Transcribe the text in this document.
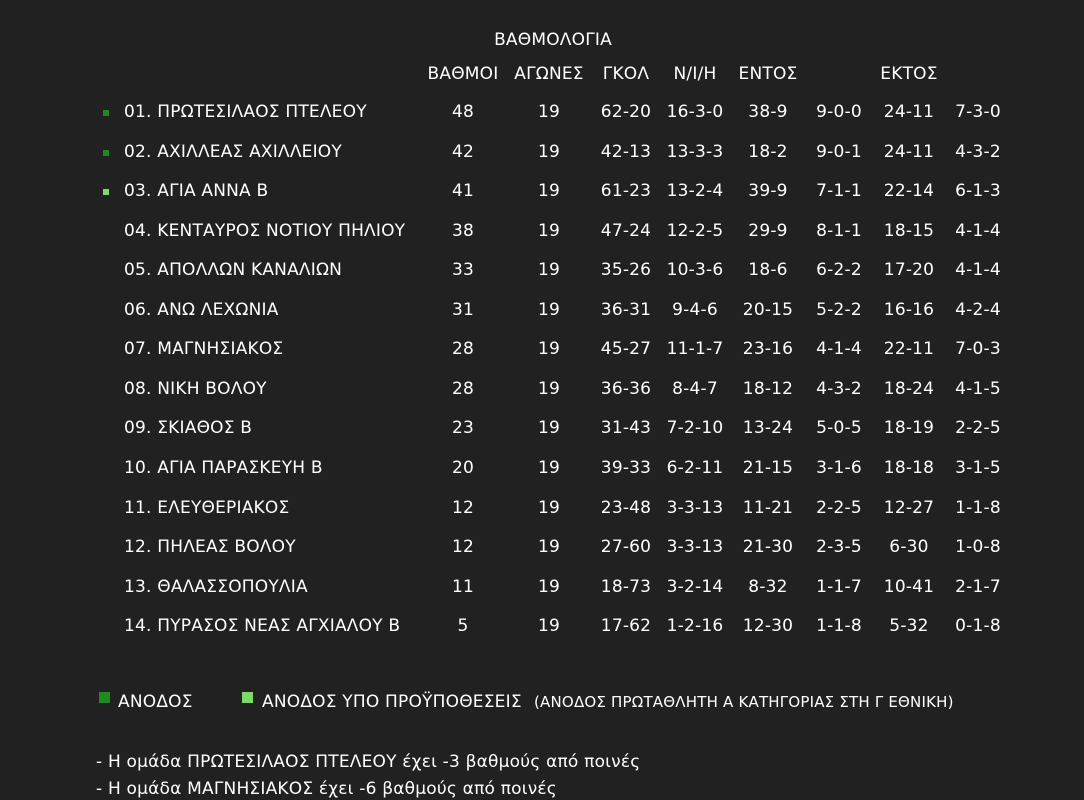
ΒΑΘΜΟΛΟΓΙΑ
ΒΑΘΜΟΙ ΑΓΩΝΕΣ	ΓΚΟΛ	Ν/Ι/Η	ΕΝΤΟΣ	ΕΚΤΟΣ
01. ΠΡΩΤΕΣΙΛΑΟΣ ΠΤΕΛΕΟΥ	48	19	62-20 16-3-0	38-9	9-0-0	24-11	7-3-0
02. ΑΧΙΛΛΕΑΣ ΑΧΙΛΛΕΙΟΥ	42	19	42-13 13-3-3	18-2	9-0-1	24-11	4-3-2
03. ΑΓΙΑ ΑΝΝΑ Β	41	19	61-23 13-2-4	39-9	7-1-1	22-14	6-1-3
04. ΚΕΝΤΑΥΡΟΣ ΝΟΤΙΟΥ ΠΗΛΙΟΥ	38	19	47-24 12-2-5	29-9	8-1-1	18-15	4-1-4
05. ΑΠΟΛΛΩΝ ΚΑΝΑΛΙΩΝ	33	19	35-26 10-3-6	18-6	6-2-2	17-20	4-1-4
06. ΑΝΩ ΛΕΧΩΝΙΑ	31	19	36-31	9-4-6	20-15	5-2-2	16-16	4-2-4
07. ΜΑΓΝΗΣΙΑΚΟΣ	28	19	45-27 11-1-7	23-16	4-1-4	22-11	7-0-3
08. ΝΙΚΗ ΒΟΛΟΥ	28	19	36-36	8-4-7	18-12	4-3-2	18-24	4-1-5
09. ΣΚΙΑΘΟΣ Β	23	19	31-43 7-2-10	13-24	5-0-5	18-19	2-2-5
10. ΑΓΙΑ ΠΑΡΑΣΚΕΥΗ Β	20	19	39-33 6-2-11	21-15	3-1-6	18-18	3-1-5
11. ΕΛΕΥΘΕΡΙΑΚΟΣ	12	19	23-48 3-3-13	11-21	2-2-5	12-27	1-1-8
12. ΠΗΛΕΑΣ ΒΟΛΟΥ	12	19	27-60 3-3-13	21-30	2-3-5	6-30	1-0-8
13. ΘΑΛΑΣΣΟΠΟΥΛΙΑ	11	19	18-73 3-2-14	8-32	1-1-7	10-41	2-1-7
14. ΠΥΡΑΣΟΣ ΝΕΑΣ ΑΓΧΙΑΛΟΥ Β	5	19	17-62 1-2-16	12-30	1-1-8	5-32	0-1-8
ΑΝΟΔΟΣ	ΑΝΟΔΟΣ ΥΠΟ ΠΡΟΫΠΟΘΕΣΕΙΣ (ΑΝΟΔΟΣ ΠΡΩΤΑΘΛΗΤΗ Α ΚΑΤΗΓΟΡΙΑΣ ΣΤΗ Γ ΕΘΝΙΚΗ)
- Η ομάδα ΠΡΩΤΕΣΙΛΑΟΣ ΠΤΕΛΕΟΥ έχει -3 βαθμούς από ποινές
- Η ομάδα ΜΑΓΝΗΣΙΑΚΟΣ έχει -6 βαθμούς από ποινές
